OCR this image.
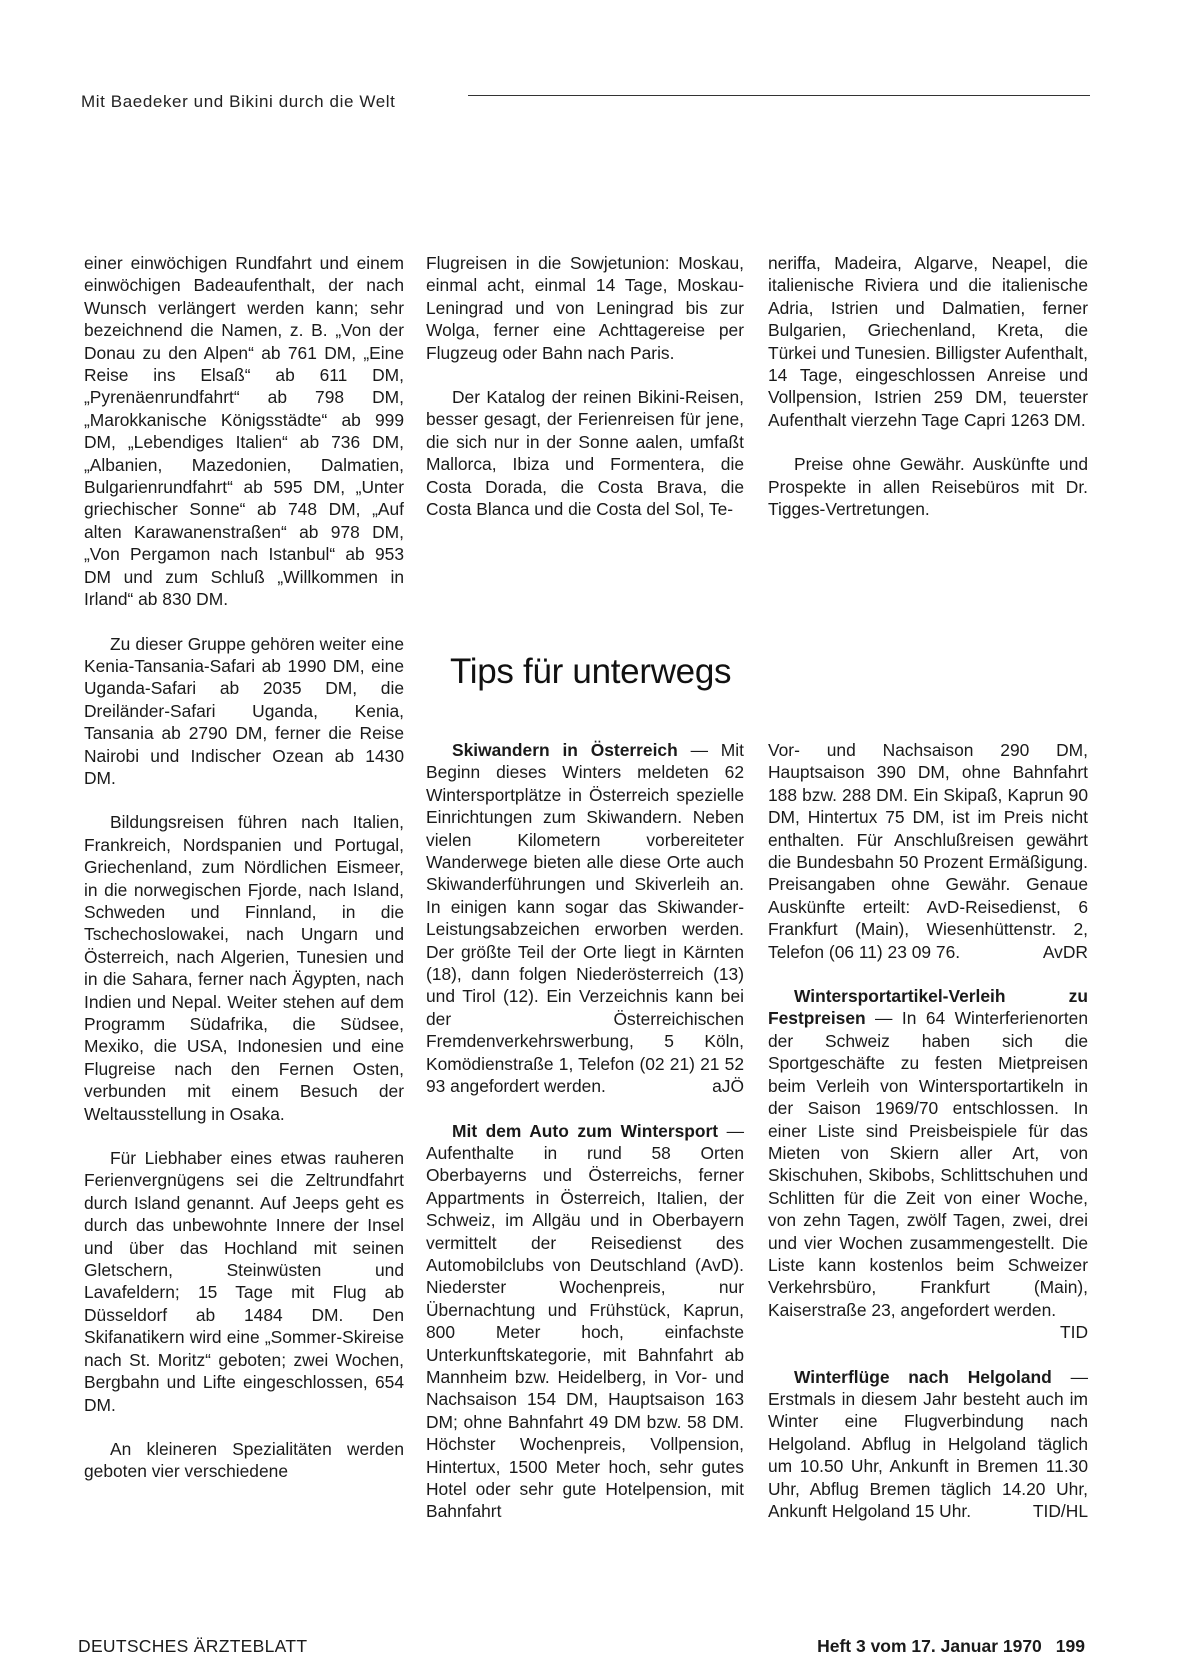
Mit Baedeker und Bikini durch die Welt

einer einwöchigen Rundfahrt und einem einwöchigen Badeaufenthalt, der nach Wunsch verlängert werden kann; sehr bezeichnend die Namen, z. B. „Von der Donau zu den Alpen“ ab 761 DM, „Eine Reise ins Elsaß“ ab 611 DM, „Pyrenäenrundfahrt“ ab 798 DM, „Marokkanische Königsstädte“ ab 999 DM, „Lebendiges Italien“ ab 736 DM, „Albanien, Mazedonien, Dalmatien, Bulgarienrundfahrt“ ab 595 DM, „Unter griechischer Sonne“ ab 748 DM, „Auf alten Karawanenstraßen“ ab 978 DM, „Von Pergamon nach Istanbul“ ab 953 DM und zum Schluß „Willkommen in Irland“ ab 830 DM.

Zu dieser Gruppe gehören weiter eine Kenia-Tansania-Safari ab 1990 DM, eine Uganda-Safari ab 2035 DM, die Dreiländer-Safari Uganda, Kenia, Tansania ab 2790 DM, ferner die Reise Nairobi und Indischer Ozean ab 1430 DM.

Bildungsreisen führen nach Italien, Frankreich, Nordspanien und Portugal, Griechenland, zum Nördlichen Eismeer, in die norwegischen Fjorde, nach Island, Schweden und Finnland, in die Tschechoslowakei, nach Ungarn und Österreich, nach Algerien, Tunesien und in die Sahara, ferner nach Ägypten, nach Indien und Nepal. Weiter stehen auf dem Programm Südafrika, die Südsee, Mexiko, die USA, Indonesien und eine Flugreise nach den Fernen Osten, verbunden mit einem Besuch der Weltausstellung in Osaka.

Für Liebhaber eines etwas rauheren Ferienvergnügens sei die Zeltrundfahrt durch Island genannt. Auf Jeeps geht es durch das unbewohnte Innere der Insel und über das Hochland mit seinen Gletschern, Steinwüsten und Lavafeldern; 15 Tage mit Flug ab Düsseldorf ab 1484 DM. Den Skifanatikern wird eine „Sommer-Skireise nach St. Moritz“ geboten; zwei Wochen, Bergbahn und Lifte eingeschlossen, 654 DM.

An kleineren Spezialitäten werden geboten vier verschiedene

Flugreisen in die Sowjetunion: Moskau, einmal acht, einmal 14 Tage, Moskau-Leningrad und von Leningrad bis zur Wolga, ferner eine Achttagereise per Flugzeug oder Bahn nach Paris.

Der Katalog der reinen Bikini-Reisen, besser gesagt, der Ferienreisen für jene, die sich nur in der Sonne aalen, umfaßt Mallorca, Ibiza und Formentera, die Costa Dorada, die Costa Brava, die Costa Blanca und die Costa del Sol, Te-

neriffa, Madeira, Algarve, Neapel, die italienische Riviera und die italienische Adria, Istrien und Dalmatien, ferner Bulgarien, Griechenland, Kreta, die Türkei und Tunesien. Billigster Aufenthalt, 14 Tage, eingeschlossen Anreise und Vollpension, Istrien 259 DM, teuerster Aufenthalt vierzehn Tage Capri 1263 DM.

Preise ohne Gewähr. Auskünfte und Prospekte in allen Reisebüros mit Dr. Tigges-Vertretungen.

Tips für unterwegs

Skiwandern in Österreich — Mit Beginn dieses Winters meldeten 62 Wintersportplätze in Österreich spezielle Einrichtungen zum Skiwandern. Neben vielen Kilometern vorbereiteter Wanderwege bieten alle diese Orte auch Skiwanderführungen und Skiverleih an. In einigen kann sogar das Skiwander-Leistungsabzeichen erworben werden. Der größte Teil der Orte liegt in Kärnten (18), dann folgen Niederösterreich (13) und Tirol (12). Ein Verzeichnis kann bei der Österreichischen Fremdenverkehrswerbung, 5 Köln, Komödienstraße 1, Telefon (02 21) 21 52 93 angefordert werden.	aJÖ

Mit dem Auto zum Wintersport — Aufenthalte in rund 58 Orten Oberbayerns und Österreichs, ferner Appartments in Österreich, Italien, der Schweiz, im Allgäu und in Oberbayern vermittelt der Reisedienst des Automobilclubs von Deutschland (AvD). Niederster Wochenpreis, nur Übernachtung und Frühstück, Kaprun, 800 Meter hoch, einfachste Unterkunftskategorie, mit Bahnfahrt ab Mannheim bzw. Heidelberg, in Vor- und Nachsaison 154 DM, Hauptsaison 163 DM; ohne Bahnfahrt 49 DM bzw. 58 DM. Höchster Wochenpreis, Vollpension, Hintertux, 1500 Meter hoch, sehr gutes Hotel oder sehr gute Hotelpension, mit Bahnfahrt

Vor- und Nachsaison 290 DM, Hauptsaison 390 DM, ohne Bahnfahrt 188 bzw. 288 DM. Ein Skipaß, Kaprun 90 DM, Hintertux 75 DM, ist im Preis nicht enthalten. Für Anschlußreisen gewährt die Bundesbahn 50 Prozent Ermäßigung. Preisangaben ohne Gewähr. Genaue Auskünfte erteilt: AvD-Reisedienst, 6 Frankfurt (Main), Wiesenhüttenstr. 2, Telefon (06 11) 23 09 76.	AvDR

Wintersportartikel-Verleih zu Festpreisen — In 64 Winterferienorten der Schweiz haben sich die Sportgeschäfte zu festen Mietpreisen beim Verleih von Wintersportartikeln in der Saison 1969/70 entschlossen. In einer Liste sind Preisbeispiele für das Mieten von Skiern aller Art, von Skischuhen, Skibobs, Schlittschuhen und Schlitten für die Zeit von einer Woche, von zehn Tagen, zwölf Tagen, zwei, drei und vier Wochen zusammengestellt. Die Liste kann kostenlos beim Schweizer Verkehrsbüro, Frankfurt (Main), Kaiserstraße 23, angefordert werden.
TID

Winterflüge nach Helgoland — Erstmals in diesem Jahr besteht auch im Winter eine Flugverbindung nach Helgoland. Abflug in Helgoland täglich um 10.50 Uhr, Ankunft in Bremen 11.30 Uhr, Abflug Bremen täglich 14.20 Uhr, Ankunft Helgoland 15 Uhr.	TID/HL

DEUTSCHES ÄRZTEBLATT	Heft 3 vom 17. Januar 1970 199
